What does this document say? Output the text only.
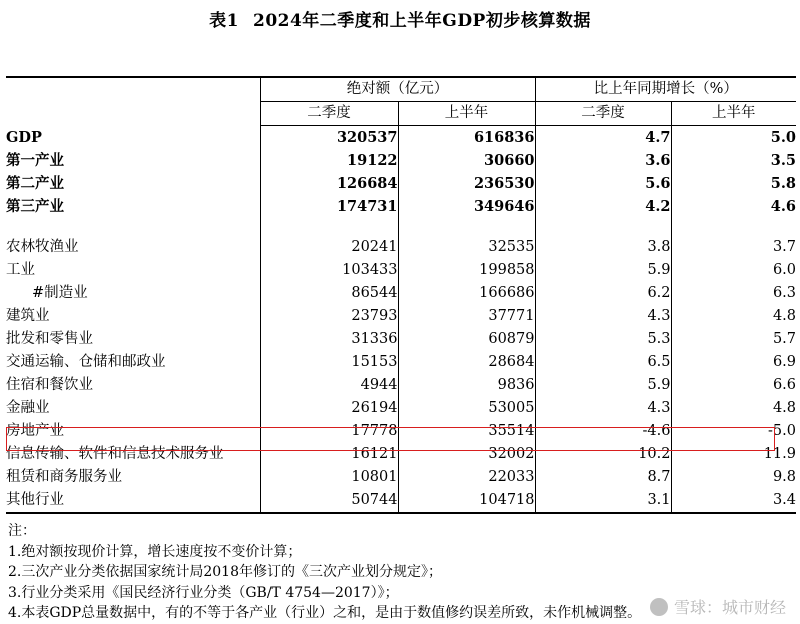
表1 2024年二季度和上半年GDP初步核算数据
	绝对额（亿元）		比上年同期增长（%）	
	二季度	上半年	二季度	上半年
GDP	320537	616836	4.7	5.0
第一产业	19122	30660	3.6	3.5
第二产业	126684	236530	5.6	5.8
第三产业	174731	349646	4.2	4.6

农林牧渔业	20241	32535	3.8	3.7
工业	103433	199858	5.9	6.0
#制造业	86544	166686	6.2	6.3
建筑业	23793	37771	4.3	4.8
批发和零售业	31336	60879	5.3	5.7
交通运输、仓储和邮政业	15153	28684	6.5	6.9
住宿和餐饮业	4944	9836	5.9	6.6
金融业	26194	53005	4.3	4.8
房地产业	17778	35514	-4.6	-5.0
信息传输、软件和信息技术服务业	16121	32002	10.2	11.9
租赁和商务服务业	10801	22033	8.7	9.8
其他行业	50744	104718	3.1	3.4
注：
1.绝对额按现价计算，增长速度按不变价计算；
2.三次产业分类依据国家统计局2018年修订的《三次产业划分规定》；
3.行业分类采用《国民经济行业分类（GB/T 4754—2017）》；
4.本表GDP总量数据中，有的不等于各产业（行业）之和，是由于数值修约误差所致，未作机械调整。 雪球：城市财经
